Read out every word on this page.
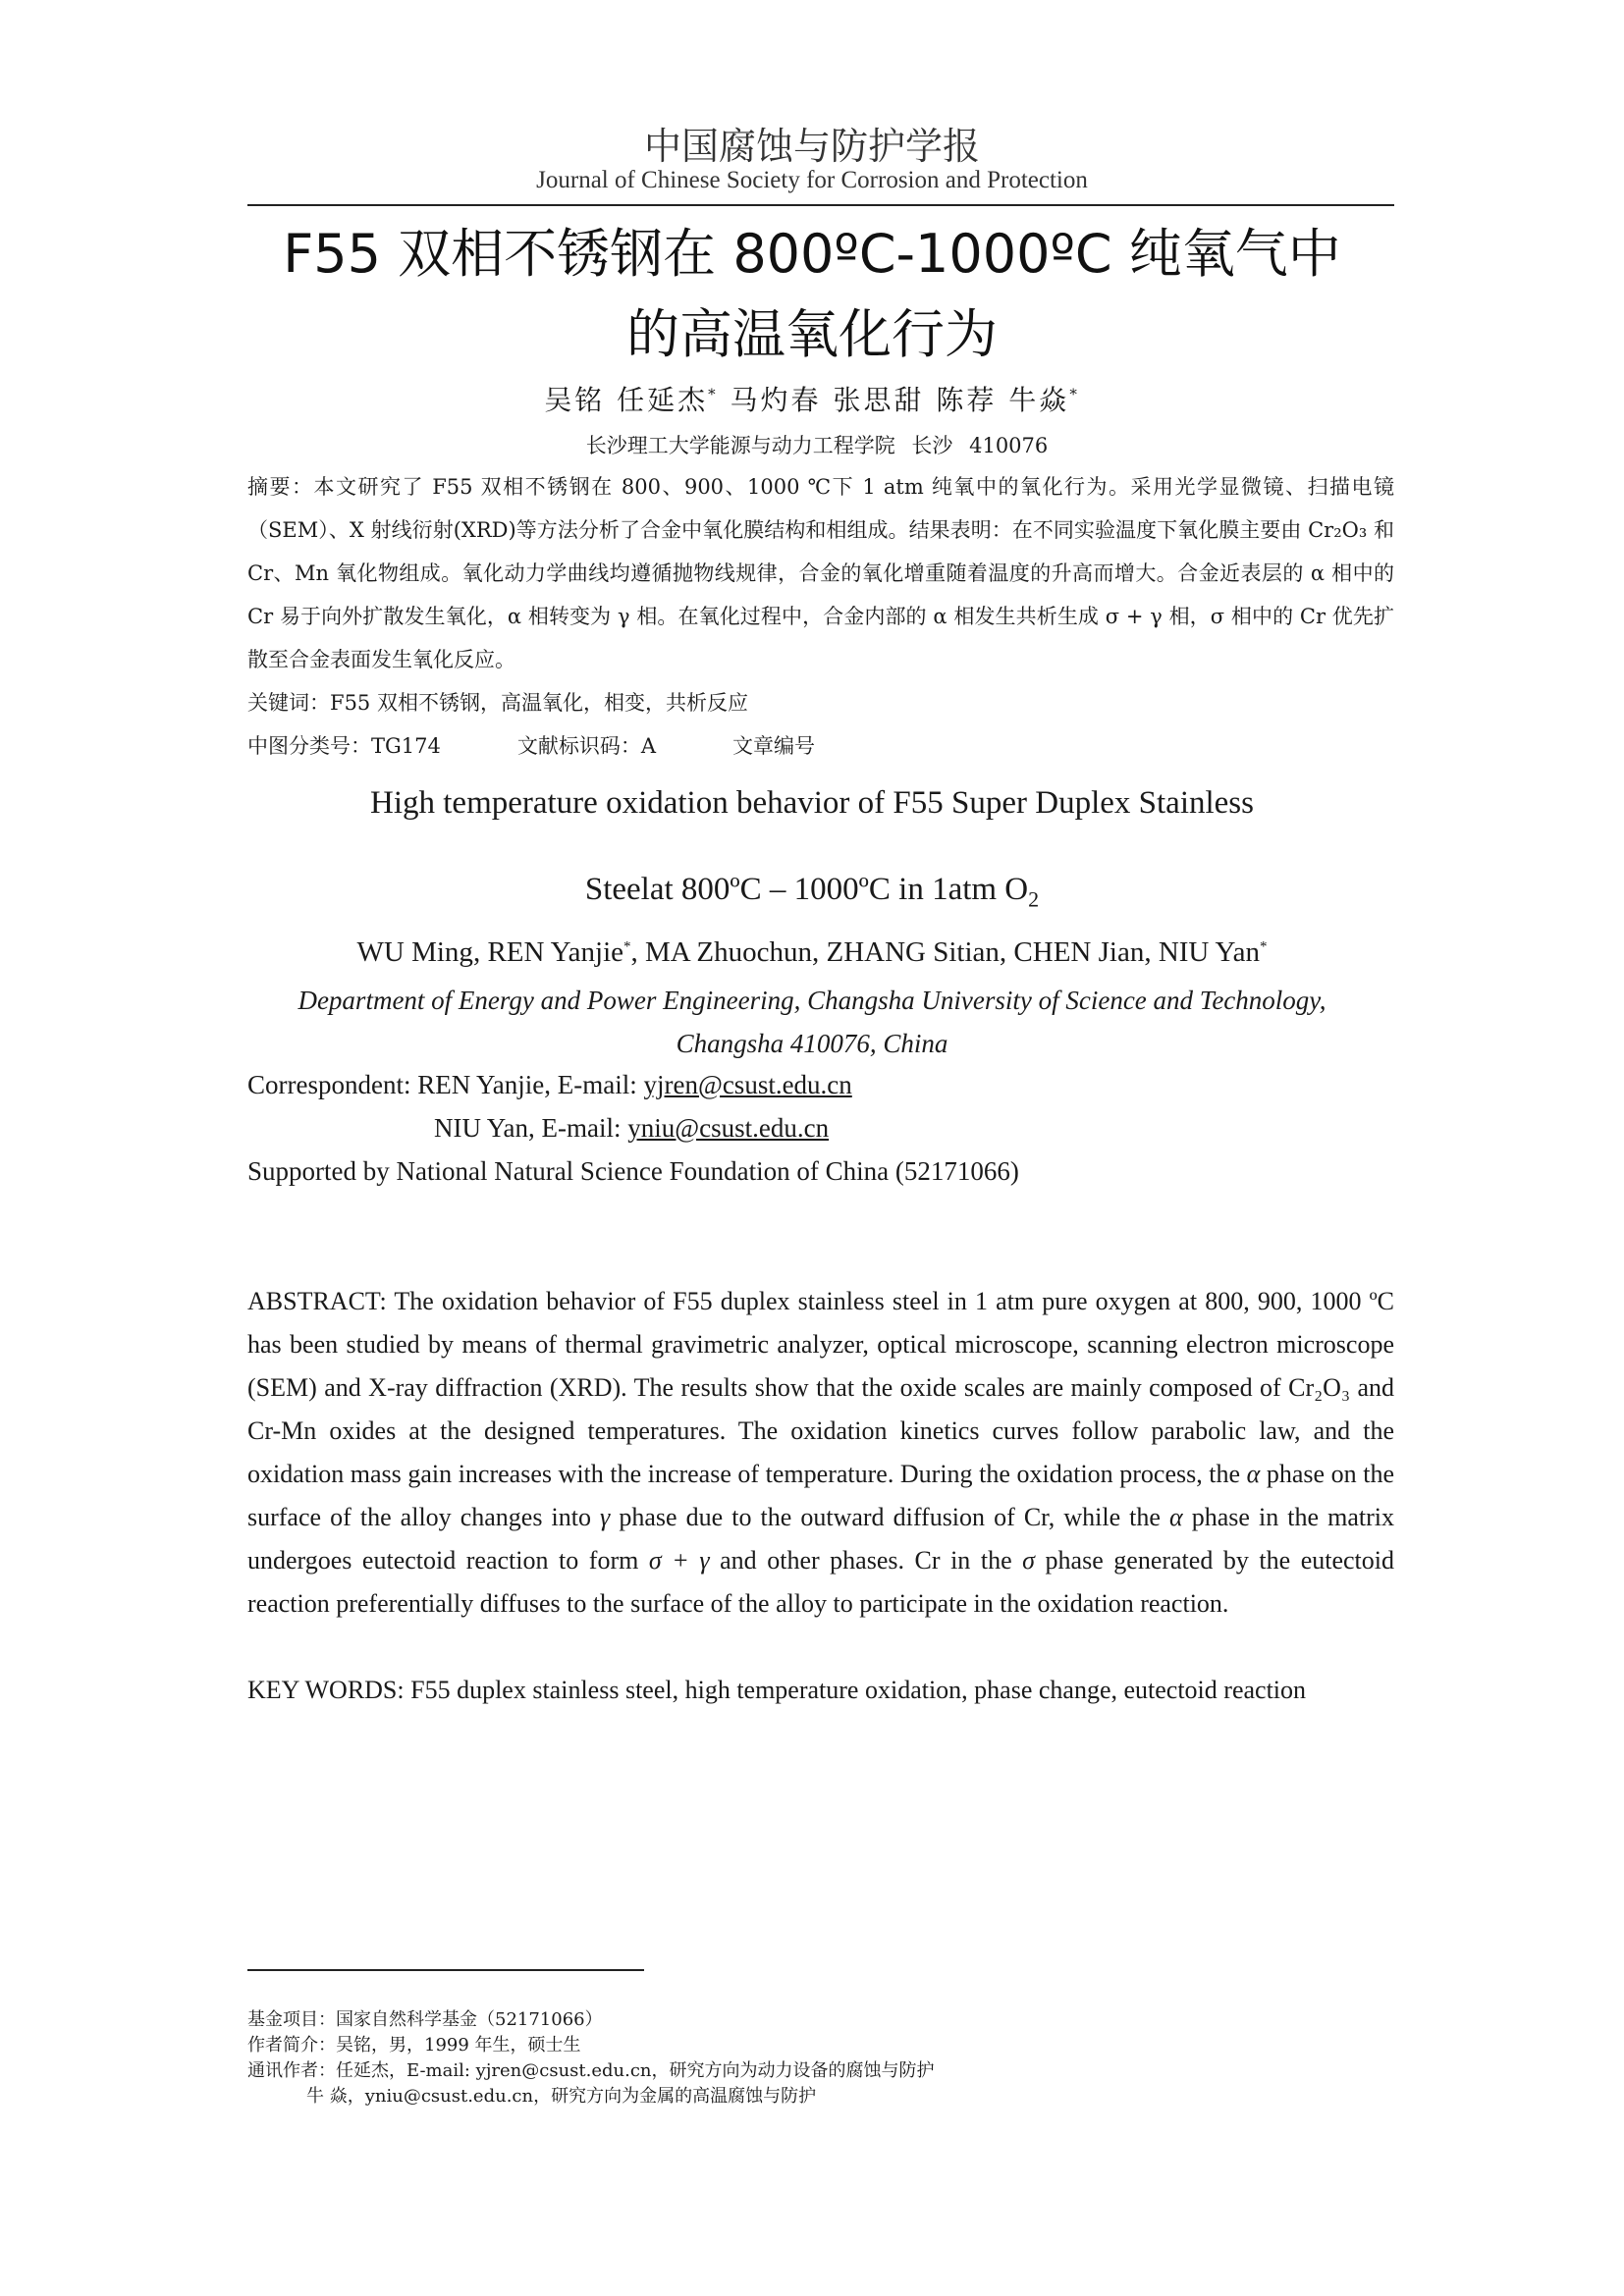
中国腐蚀与防护学报
Journal of Chinese Society for Corrosion and Protection
F55 双相不锈钢在 800ºC-1000ºC 纯氧气中
的高温氧化行为
吴铭 任延杰* 马灼春 张思甜 陈荐 牛焱*
长沙理工大学能源与动力工程学院 长沙 410076
摘要：本文研究了 F55 双相不锈钢在 800、900、1000 ℃下 1 atm 纯氧中的氧化行为。采用光学显微镜、扫描电镜（SEM）、X 射线衍射(XRD)等方法分析了合金中氧化膜结构和相组成。结果表明：在不同实验温度下氧化膜主要由 Cr₂O₃ 和 Cr、Mn 氧化物组成。氧化动力学曲线均遵循抛物线规律，合金的氧化增重随着温度的升高而增大。合金近表层的 α 相中的 Cr 易于向外扩散发生氧化，α 相转变为 γ 相。在氧化过程中，合金内部的 α 相发生共析生成 σ + γ 相，σ 相中的 Cr 优先扩散至合金表面发生氧化反应。
关键词：F55 双相不锈钢，高温氧化，相变，共析反应
中图分类号：TG174	文献标识码：A	文章编号
High temperature oxidation behavior of F55 Super Duplex Stainless
Steelat 800ºC – 1000ºC in 1atm $O_2$
WU Ming, REN Yanjie*, MA Zhuochun, ZHANG Sitian, CHEN Jian, NIU Yan*
Department of Energy and Power Engineering, Changsha University of Science and Technology,
Changsha 410076, China
Correspondent: REN Yanjie, E-mail: yjren@csust.edu.cn
NIU Yan, E-mail: yniu@csust.edu.cn
Supported by National Natural Science Foundation of China (52171066)
ABSTRACT: The oxidation behavior of F55 duplex stainless steel in 1 atm pure oxygen at 800, 900, 1000 ºC has been studied by means of thermal gravimetric analyzer, optical microscope, scanning electron microscope (SEM) and X-ray diffraction (XRD). The results show that the oxide scales are mainly composed of Cr₂O₃ and Cr-Mn oxides at the designed temperatures. The oxidation kinetics curves follow parabolic law, and the oxidation mass gain increases with the increase of temperature. During the oxidation process, the α phase on the surface of the alloy changes into γ phase due to the outward diffusion of Cr, while the α phase in the matrix undergoes eutectoid reaction to form σ + γ and other phases. Cr in the σ phase generated by the eutectoid reaction preferentially diffuses to the surface of the alloy to participate in the oxidation reaction.
KEY WORDS: F55 duplex stainless steel, high temperature oxidation, phase change, eutectoid reaction
基金项目：国家自然科学基金（52171066）
作者简介：吴铭，男，1999 年生，硕士生
通讯作者：任延杰，E-mail: yjren@csust.edu.cn，研究方向为动力设备的腐蚀与防护
牛 焱，yniu@csust.edu.cn，研究方向为金属的高温腐蚀与防护
